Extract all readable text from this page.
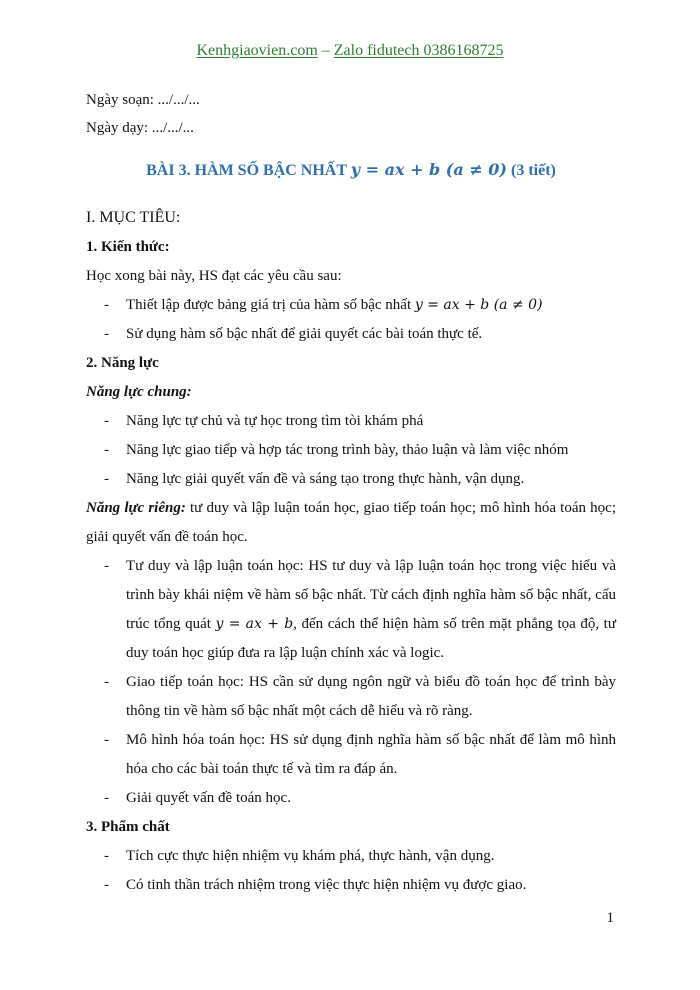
Kenhgiaovien.com – Zalo fidutech 0386168725
Ngày soạn: .../.../...
Ngày dạy: .../.../...
BÀI 3. HÀM SỐ BẬC NHẤT y = ax + b (a ≠ 0) (3 tiết)
I. MỤC TIÊU:
1. Kiến thức:
Học xong bài này, HS đạt các yêu cầu sau:
- Thiết lập được bảng giá trị của hàm số bậc nhất y = ax + b (a ≠ 0)
- Sử dụng hàm số bậc nhất để giải quyết các bài toán thực tế.
2. Năng lực
Năng lực chung:
- Năng lực tự chủ và tự học trong tìm tòi khám phá
- Năng lực giao tiếp và hợp tác trong trình bày, thảo luận và làm việc nhóm
- Năng lực giải quyết vấn đề và sáng tạo trong thực hành, vận dụng.
Năng lực riêng: tư duy và lập luận toán học, giao tiếp toán học; mô hình hóa toán học; giải quyết vấn đề toán học.
- Tư duy và lập luận toán học: HS tư duy và lập luận toán học trong việc hiểu và trình bày khái niệm về hàm số bậc nhất. Từ cách định nghĩa hàm số bậc nhất, cấu trúc tổng quát y = ax + b, đến cách thể hiện hàm số trên mặt phẳng tọa độ, tư duy toán học giúp đưa ra lập luận chính xác và logic.
- Giao tiếp toán học: HS cần sử dụng ngôn ngữ và biểu đồ toán học để trình bày thông tin về hàm số bậc nhất một cách dễ hiểu và rõ ràng.
- Mô hình hóa toán học: HS sử dụng định nghĩa hàm số bậc nhất để làm mô hình hóa cho các bài toán thực tế và tìm ra đáp án.
- Giải quyết vấn đề toán học.
3. Phẩm chất
- Tích cực thực hiện nhiệm vụ khám phá, thực hành, vận dụng.
- Có tinh thần trách nhiệm trong việc thực hiện nhiệm vụ được giao.
1
